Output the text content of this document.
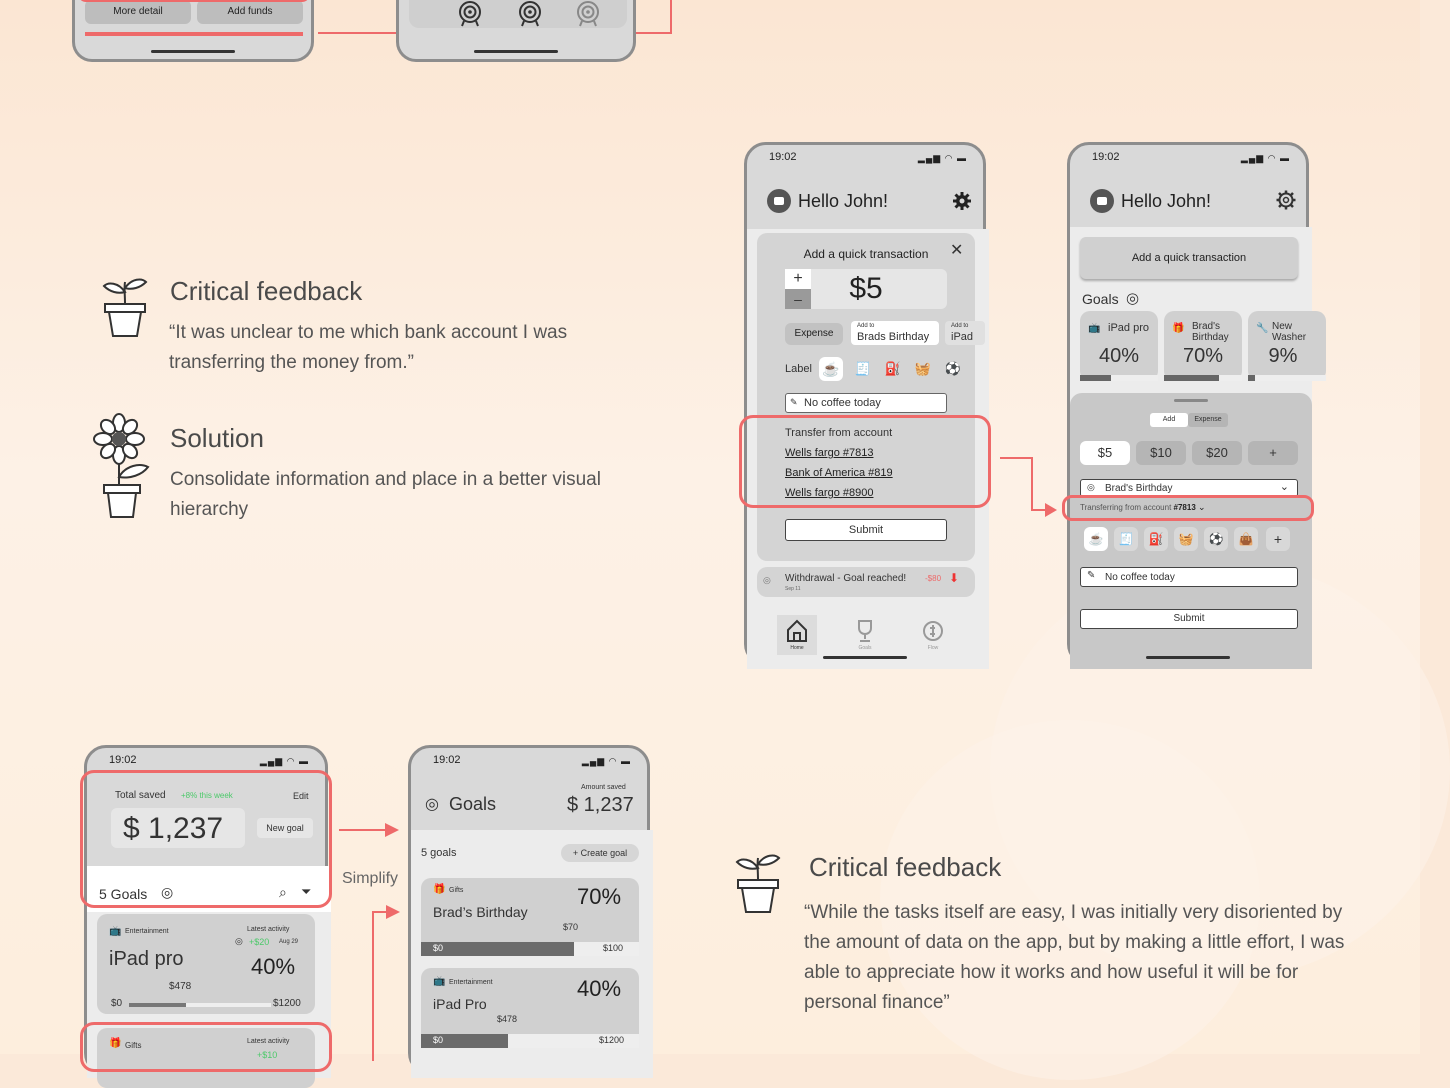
More detail	Add funds
Critical feedback
“It was unclear to me which bank account I was transferring the money from.”
Solution
Consolidate information and place in a better visual hierarchy
19:02	▂▄▆ ◠ ▬
Hello John!
Add a quick transaction	✕
$5
+
–
Expense
Add to
Brads Birthday
Add to
iPad
Label ☕	🧾	⛽	🧺	⚽
✎ No coffee today
Transfer from account
Wells fargo #7813
Bank of America #819
Wells fargo #8900
Submit
◎ Withdrawal - Goal reached!
Sep 11
-$80 ⬇
Home	Goals	Flow
19:02	▂▄▆ ◠ ▬
Hello John!
Add a quick transaction
Goals ◎
📺 iPad pro
40%
🎁 Brad's Birthday
70%
🔧 New Washer
9%
Add	Expense
$5	$10	$20	+
◎ Brad's Birthday	⌄
Transferring from account #7813 ⌄
☕	🧾	⛽	🧺	⚽	👜	+
✎ No coffee today
Submit
19:02	▂▄▆ ◠ ▬
Total saved +8% this week	Edit
$ 1,237	New goal
5 Goals ◎	⌕ ⏷
📺 Entertainment	Latest activity
◎ +$20 Aug 29
iPad pro	40%
$478
$0	$1200
🎁 Gifts	Latest activity
+$10
Simplify
19:02	▂▄▆ ◠ ▬
◎ Goals
Amount saved
$ 1,237
5 goals	+ Create goal
🎁 Gifts
Brad’s Birthday
70%
$70
$0	$100
📺 Entertainment
iPad Pro
40%
$478
$0	$1200
Critical feedback
“While the tasks itself are easy, I was initially very disoriented by the amount of data on the app, but by making a little effort, I was able to appreciate how it works and how useful it will be for personal finance”
